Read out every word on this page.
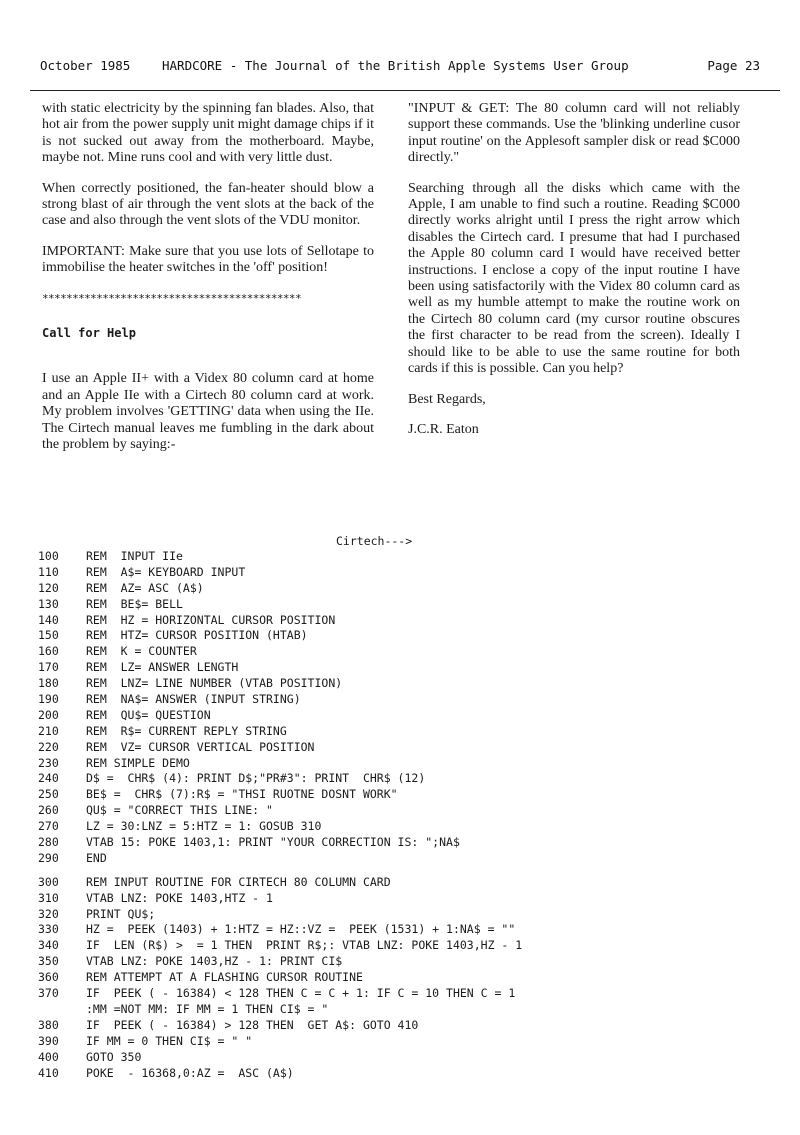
October 1985	HARDCORE - The Journal of the British Apple Systems User Group	Page 23

with static electricity by the spinning fan blades. Also, that hot air from the power supply unit might damage chips if it is not sucked out away from the motherboard. Maybe, maybe not. Mine runs cool and with very little dust.

When correctly positioned, the fan-heater should blow a strong blast of air through the vent slots at the back of the case and also through the vent slots of the VDU monitor.

IMPORTANT: Make sure that you use lots of Sellotape to immobilise the heater switches in the 'off' position!

*******************************************
Call for Help

I use an Apple II+ with a Videx 80 column card at home and an Apple IIe with a Cirtech 80 column card at work. My problem involves 'GETTING' data when using the IIe. The Cirtech manual leaves me fumbling in the dark about the problem by saying:-

"INPUT & GET: The 80 column card will not reliably support these commands. Use the 'blinking underline cusor input routine' on the Applesoft sampler disk or read $C000 directly."

Searching through all the disks which came with the Apple, I am unable to find such a routine. Reading $C000 directly works alright until I press the right arrow which disables the Cirtech card. I presume that had I purchased the Apple 80 column card I would have received better instructions. I enclose a copy of the input routine I have been using satisfactorily with the Videx 80 column card as well as my humble attempt to make the routine work on the Cirtech 80 column card (my cursor routine obscures the first character to be read from the screen). Ideally I should like to be able to use the same routine for both cards if this is possible. Can you help?

Best Regards,

J.C.R. Eaton

Cirtech--->
100	REM  INPUT IIe
110	REM  A$= KEYBOARD INPUT
120	REM  AZ= ASC (A$)
130	REM  BE$= BELL
140	REM  HZ = HORIZONTAL CURSOR POSITION
150	REM  HTZ= CURSOR POSITION (HTAB)
160	REM  K = COUNTER
170	REM  LZ= ANSWER LENGTH
180	REM  LNZ= LINE NUMBER (VTAB POSITION)
190	REM  NA$= ANSWER (INPUT STRING)
200	REM  QU$= QUESTION
210	REM  R$= CURRENT REPLY STRING
220	REM  VZ= CURSOR VERTICAL POSITION
230	REM SIMPLE DEMO
240	D$ =  CHR$ (4): PRINT D$;"PR#3": PRINT  CHR$ (12)
250	BE$ =  CHR$ (7):R$ = "THSI RUOTNE DOSNT WORK"
260	QU$ = "CORRECT THIS LINE: "
270	LZ = 30:LNZ = 5:HTZ = 1: GOSUB 310
280	VTAB 15: POKE 1403,1: PRINT "YOUR CORRECTION IS: ";NA$
290	END
300	REM INPUT ROUTINE FOR CIRTECH 80 COLUMN CARD
310	VTAB LNZ: POKE 1403,HTZ - 1
320	PRINT QU$;
330	HZ =  PEEK (1403) + 1:HTZ = HZ::VZ =  PEEK (1531) + 1:NA$ = ""
340	IF  LEN (R$) >  = 1 THEN  PRINT R$;: VTAB LNZ: POKE 1403,HZ - 1
350	VTAB LNZ: POKE 1403,HZ - 1: PRINT CI$
360	REM ATTEMPT AT A FLASHING CURSOR ROUTINE
370	IF  PEEK ( - 16384) < 128 THEN C = C + 1: IF C = 10 THEN C = 1
:MM =NOT MM: IF MM = 1 THEN CI$ = "
380	IF  PEEK ( - 16384) > 128 THEN  GET A$: GOTO 410
390	IF MM = 0 THEN CI$ = " "
400	GOTO 350
410	POKE  - 16368,0:AZ =  ASC (A$)
